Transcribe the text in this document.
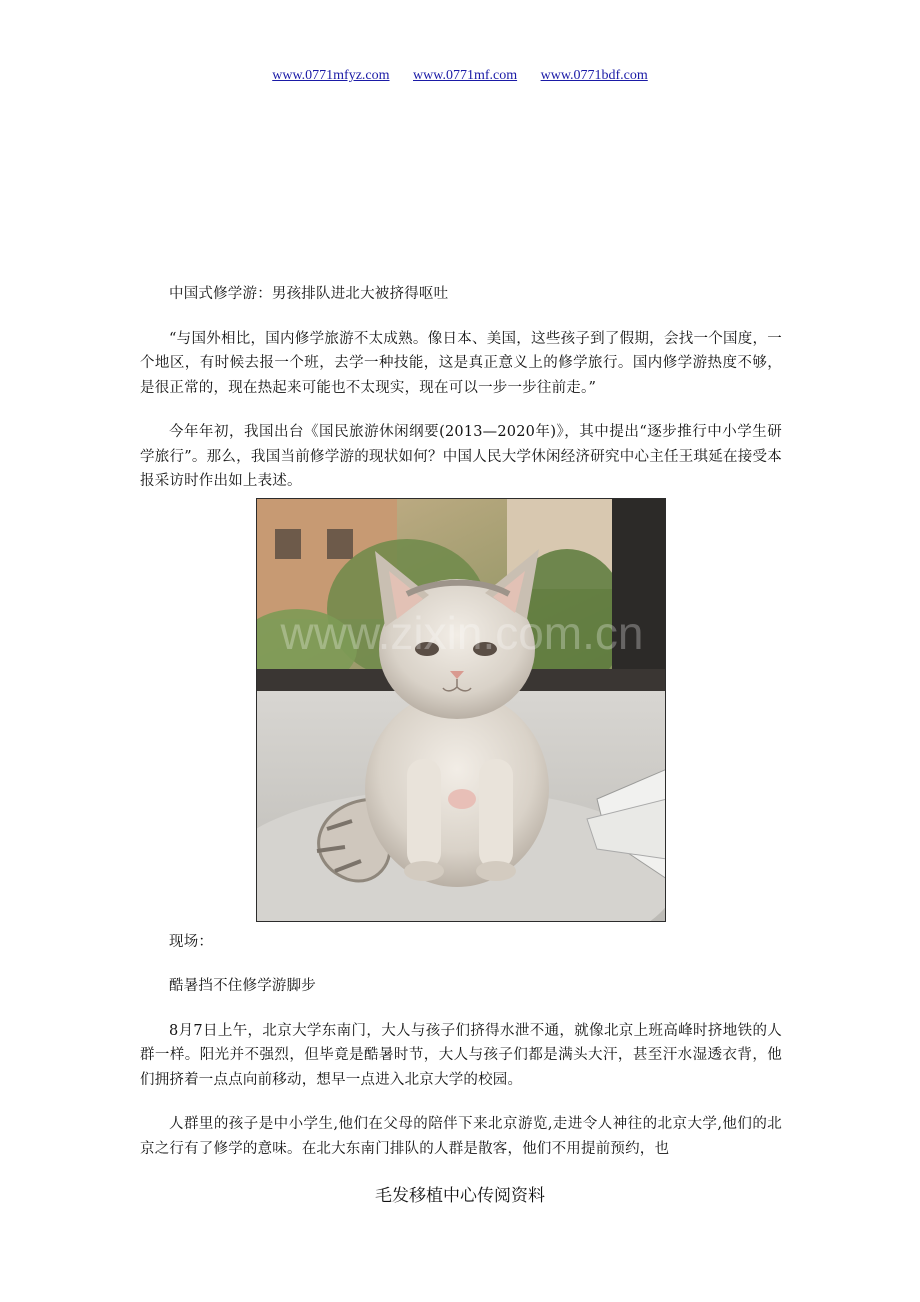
www.0771mfyz.com www.0771mf.com www.0771bdf.com

中国式修学游：男孩排队进北大被挤得呕吐

“与国外相比，国内修学旅游不太成熟。像日本、美国，这些孩子到了假期，会找一个国度，一个地区，有时候去报一个班，去学一种技能，这是真正意义上的修学旅行。国内修学游热度不够，是很正常的，现在热起来可能也不太现实，现在可以一步一步往前走。”

今年年初，我国出台《国民旅游休闲纲要(2013—2020年)》，其中提出“逐步推行中小学生研学旅行”。那么，我国当前修学游的现状如何？中国人民大学休闲经济研究中心主任王琪延在接受本报采访时作出如上表述。

www.zixin.com.cn

现场：

酷暑挡不住修学游脚步

8月7日上午，北京大学东南门，大人与孩子们挤得水泄不通，就像北京上班高峰时挤地铁的人群一样。阳光并不强烈，但毕竟是酷暑时节，大人与孩子们都是满头大汗，甚至汗水湿透衣背，他们拥挤着一点点向前移动，想早一点进入北京大学的校园。

人群里的孩子是中小学生,他们在父母的陪伴下来北京游览,走进令人神往的北京大学,他们的北京之行有了修学的意味。在北大东南门排队的人群是散客，他们不用提前预约，也

毛发移植中心传阅资料
